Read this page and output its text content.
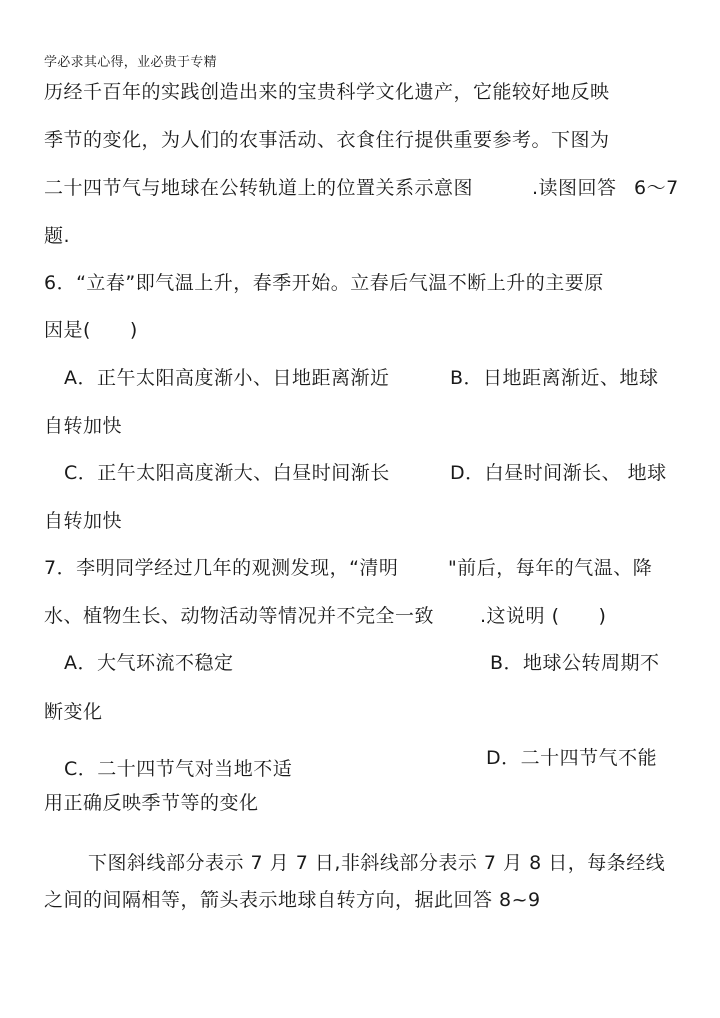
学必求其心得，业必贵于专精
历经千百年的实践创造出来的宝贵科学文化遗产，它能较好地反映
季节的变化，为人们的农事活动、衣食住行提供重要参考。下图为
二十四节气与地球在公转轨道上的位置关系示意图	.读图回答 6～7
题.
6．“立春”即气温上升，春季开始。立春后气温不断上升的主要原
因是(　　)
A．正午太阳高度渐小、日地距离渐近	B．日地距离渐近、地球
自转加快
C．正午太阳高度渐大、白昼时间渐长	D．白昼时间渐长、 地球
自转加快
7．李明同学经过几年的观测发现，“清明	"前后，每年的气温、降
水、植物生长、动物活动等情况并不完全一致 .这说明 (　　)
A．大气环流不稳定	B．地球公转周期不
断变化
D．二十四节气不能
C．二十四节气对当地不适
用正确反映季节等的变化
下图斜线部分表示 7 月 7 日,非斜线部分表示 7 月 8 日，每条经线
之间的间隔相等，箭头表示地球自转方向，据此回答 8~9
